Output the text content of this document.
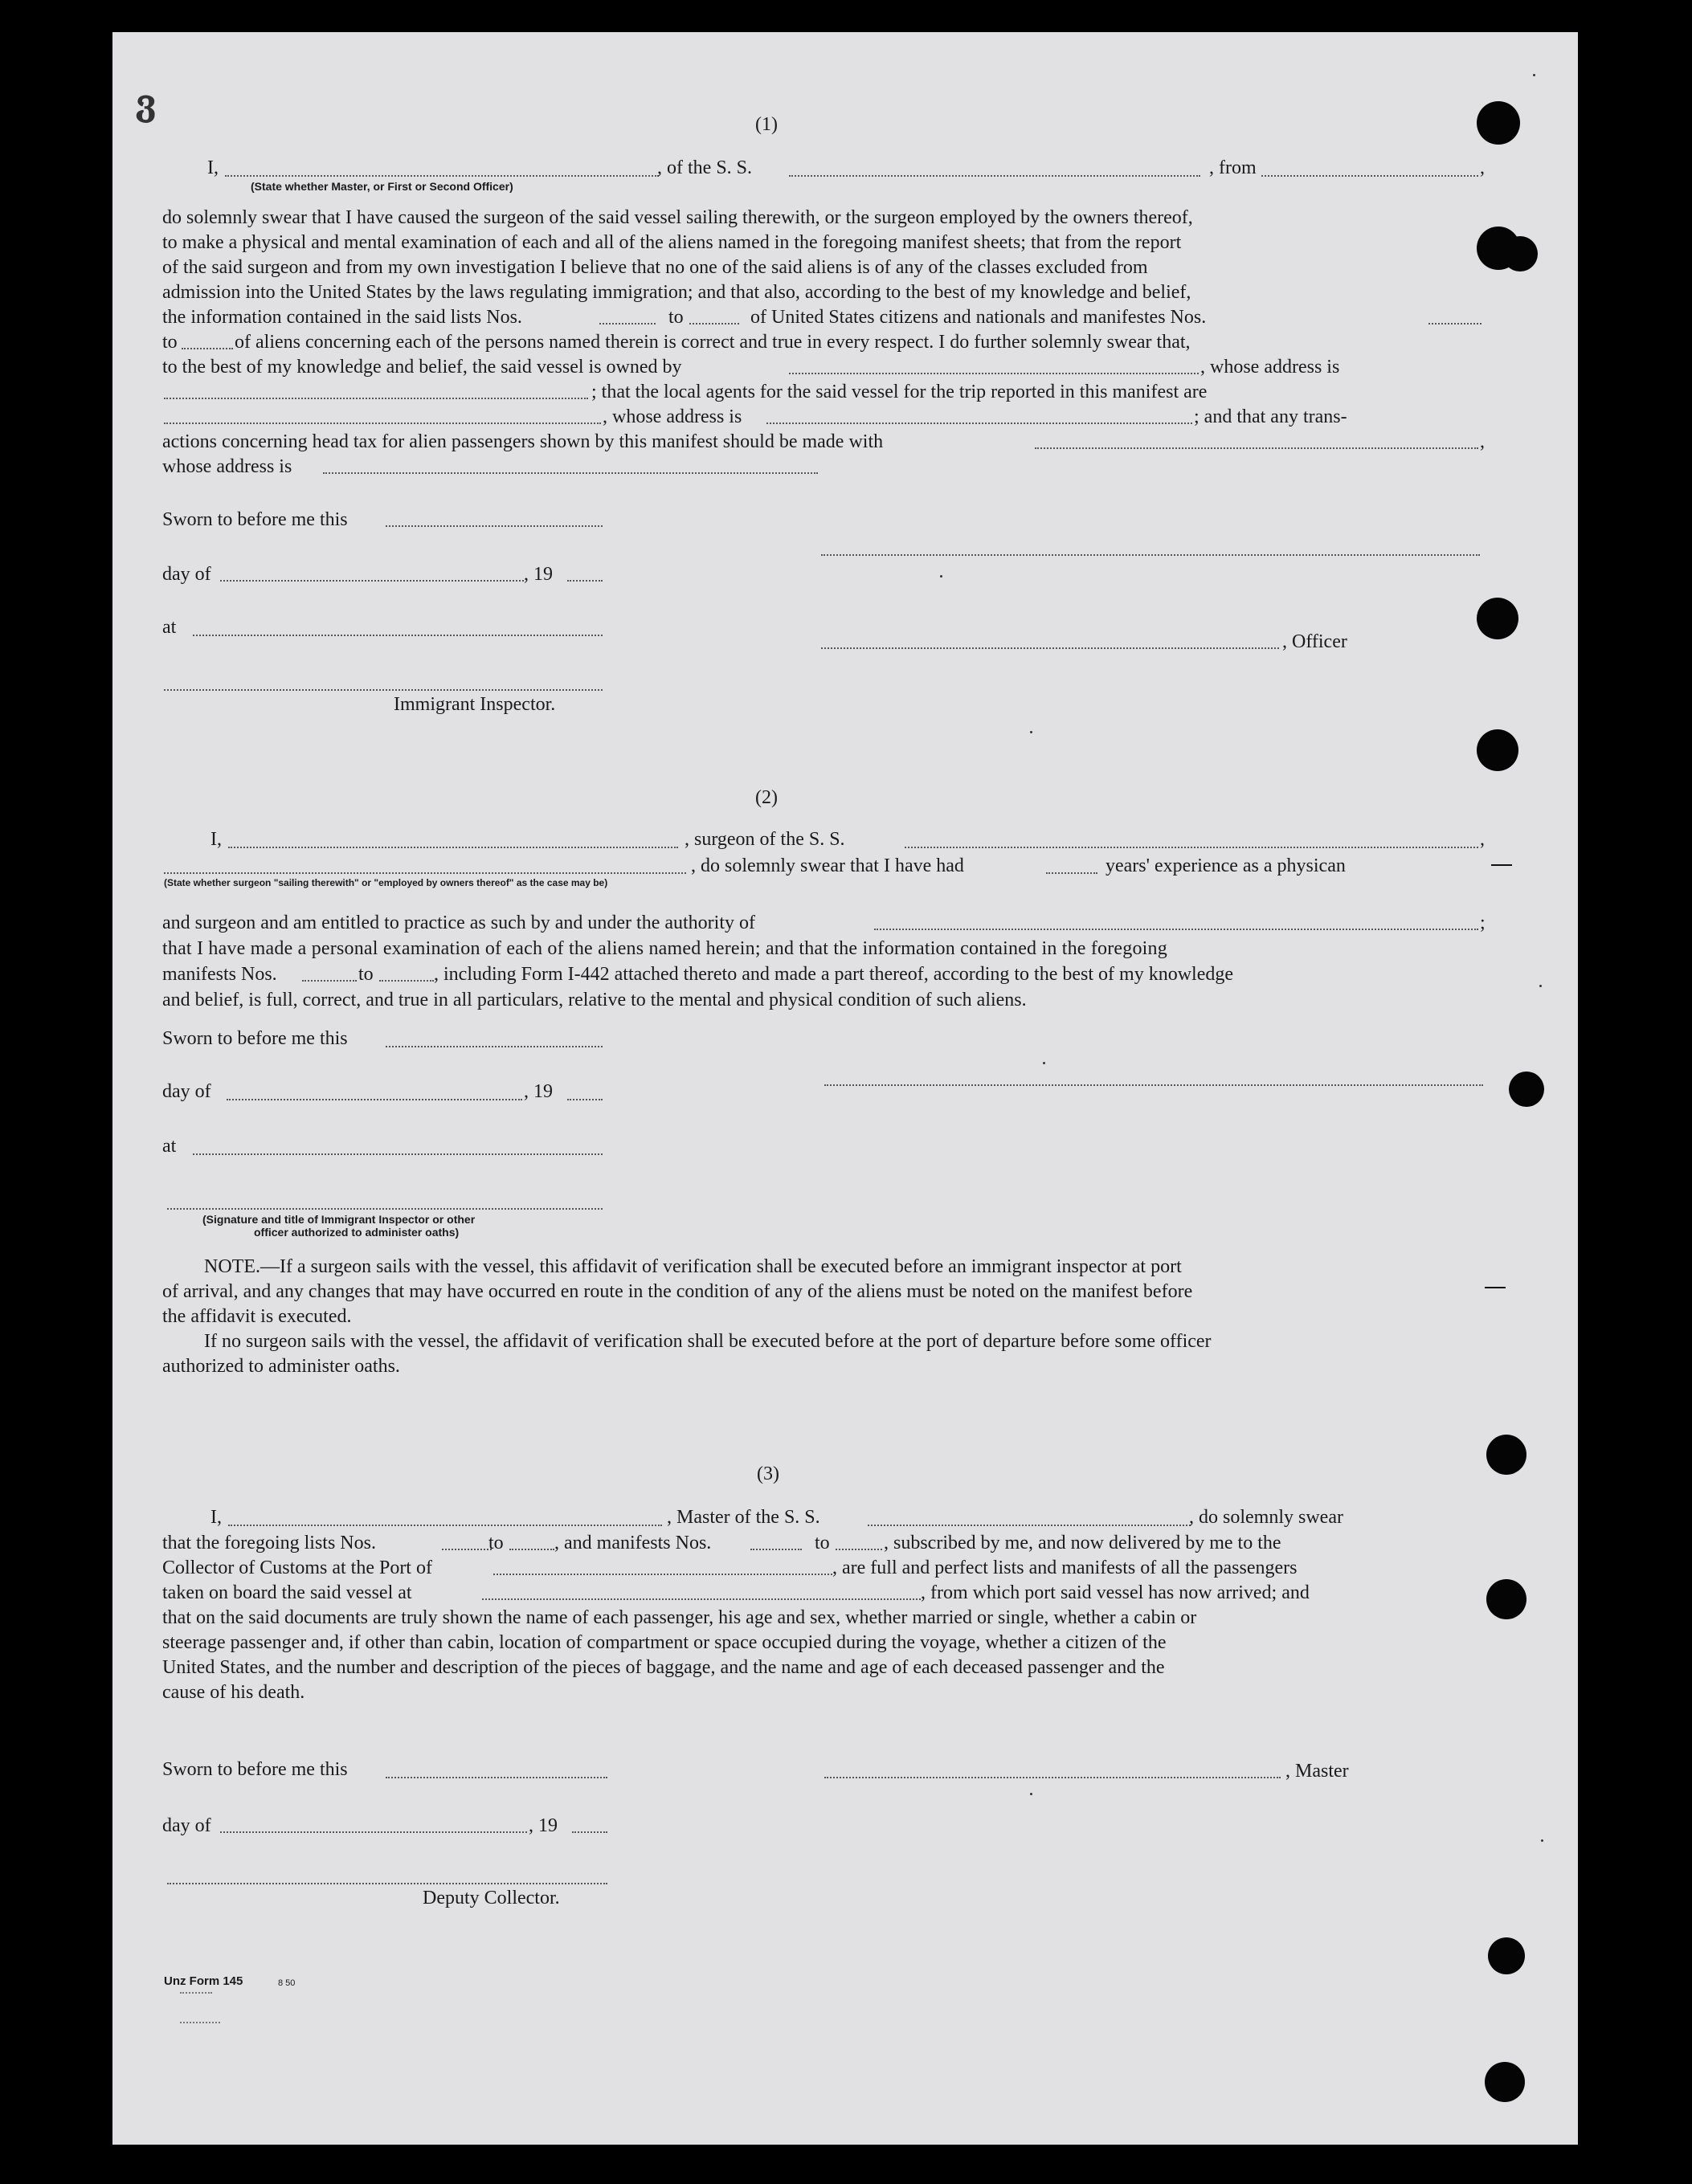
ვ
(1)
I,	, of the S. S.	, from	,
(State whether Master, or First or Second Officer)
do solemnly swear that I have caused the surgeon of the said vessel sailing therewith, or the surgeon employed by the owners thereof,
to make a physical and mental examination of each and all of the aliens named in the foregoing manifest sheets; that from the report
of the said surgeon and from my own investigation I believe that no one of the said aliens is of any of the classes excluded from
admission into the United States by the laws regulating immigration; and that also, according to the best of my knowledge and belief,
the information contained in the said lists Nos.	to	of United States citizens and nationals and manifestes Nos.
to	of aliens concerning each of the persons named therein is correct and true in every respect. I do further solemnly swear that,
to the best of my knowledge and belief, the said vessel is owned by	, whose address is
; that the local agents for the said vessel for the trip reported in this manifest are
, whose address is	; and that any trans-
actions concerning head tax for alien passengers shown by this manifest should be made with	,
whose address is
Sworn to before me this
day of	, 19
at
, Officer
Immigrant Inspector.
(2)
I,	, surgeon of the S. S.	,
, do solemnly swear that I have had	years' experience as a physican
(State whether surgeon "sailing therewith" or "employed by owners thereof" as the case may be)
and surgeon and am entitled to practice as such by and under the authority of	;
that I have made a personal examination of each of the aliens named herein; and that the information contained in the foregoing
manifests Nos.	to	, including Form I-442 attached thereto and made a part thereof, according to the best of my knowledge
and belief, is full, correct, and true in all particulars, relative to the mental and physical condition of such aliens.
Sworn to before me this
day of	, 19
at
(Signature and title of Immigrant Inspector or other
officer authorized to administer oaths)
NOTE.—If a surgeon sails with the vessel, this affidavit of verification shall be executed before an immigrant inspector at port
of arrival, and any changes that may have occurred en route in the condition of any of the aliens must be noted on the manifest before
the affidavit is executed.
If no surgeon sails with the vessel, the affidavit of verification shall be executed before at the port of departure before some officer
authorized to administer oaths.
(3)
I,	, Master of the S. S.	, do solemnly swear
that the foregoing lists Nos.	to	, and manifests Nos.	to	, subscribed by me, and now delivered by me to the
Collector of Customs at the Port of	, are full and perfect lists and manifests of all the passengers
taken on board the said vessel at	, from which port said vessel has now arrived; and
that on the said documents are truly shown the name of each passenger, his age and sex, whether married or single, whether a cabin or
steerage passenger and, if other than cabin, location of compartment or space occupied during the voyage, whether a citizen of the
United States, and the number and description of the pieces of baggage, and the name and age of each deceased passenger and the
cause of his death.
Sworn to before me this	, Master
day of	, 19
Deputy Collector.
Unz Form 145	8 50
